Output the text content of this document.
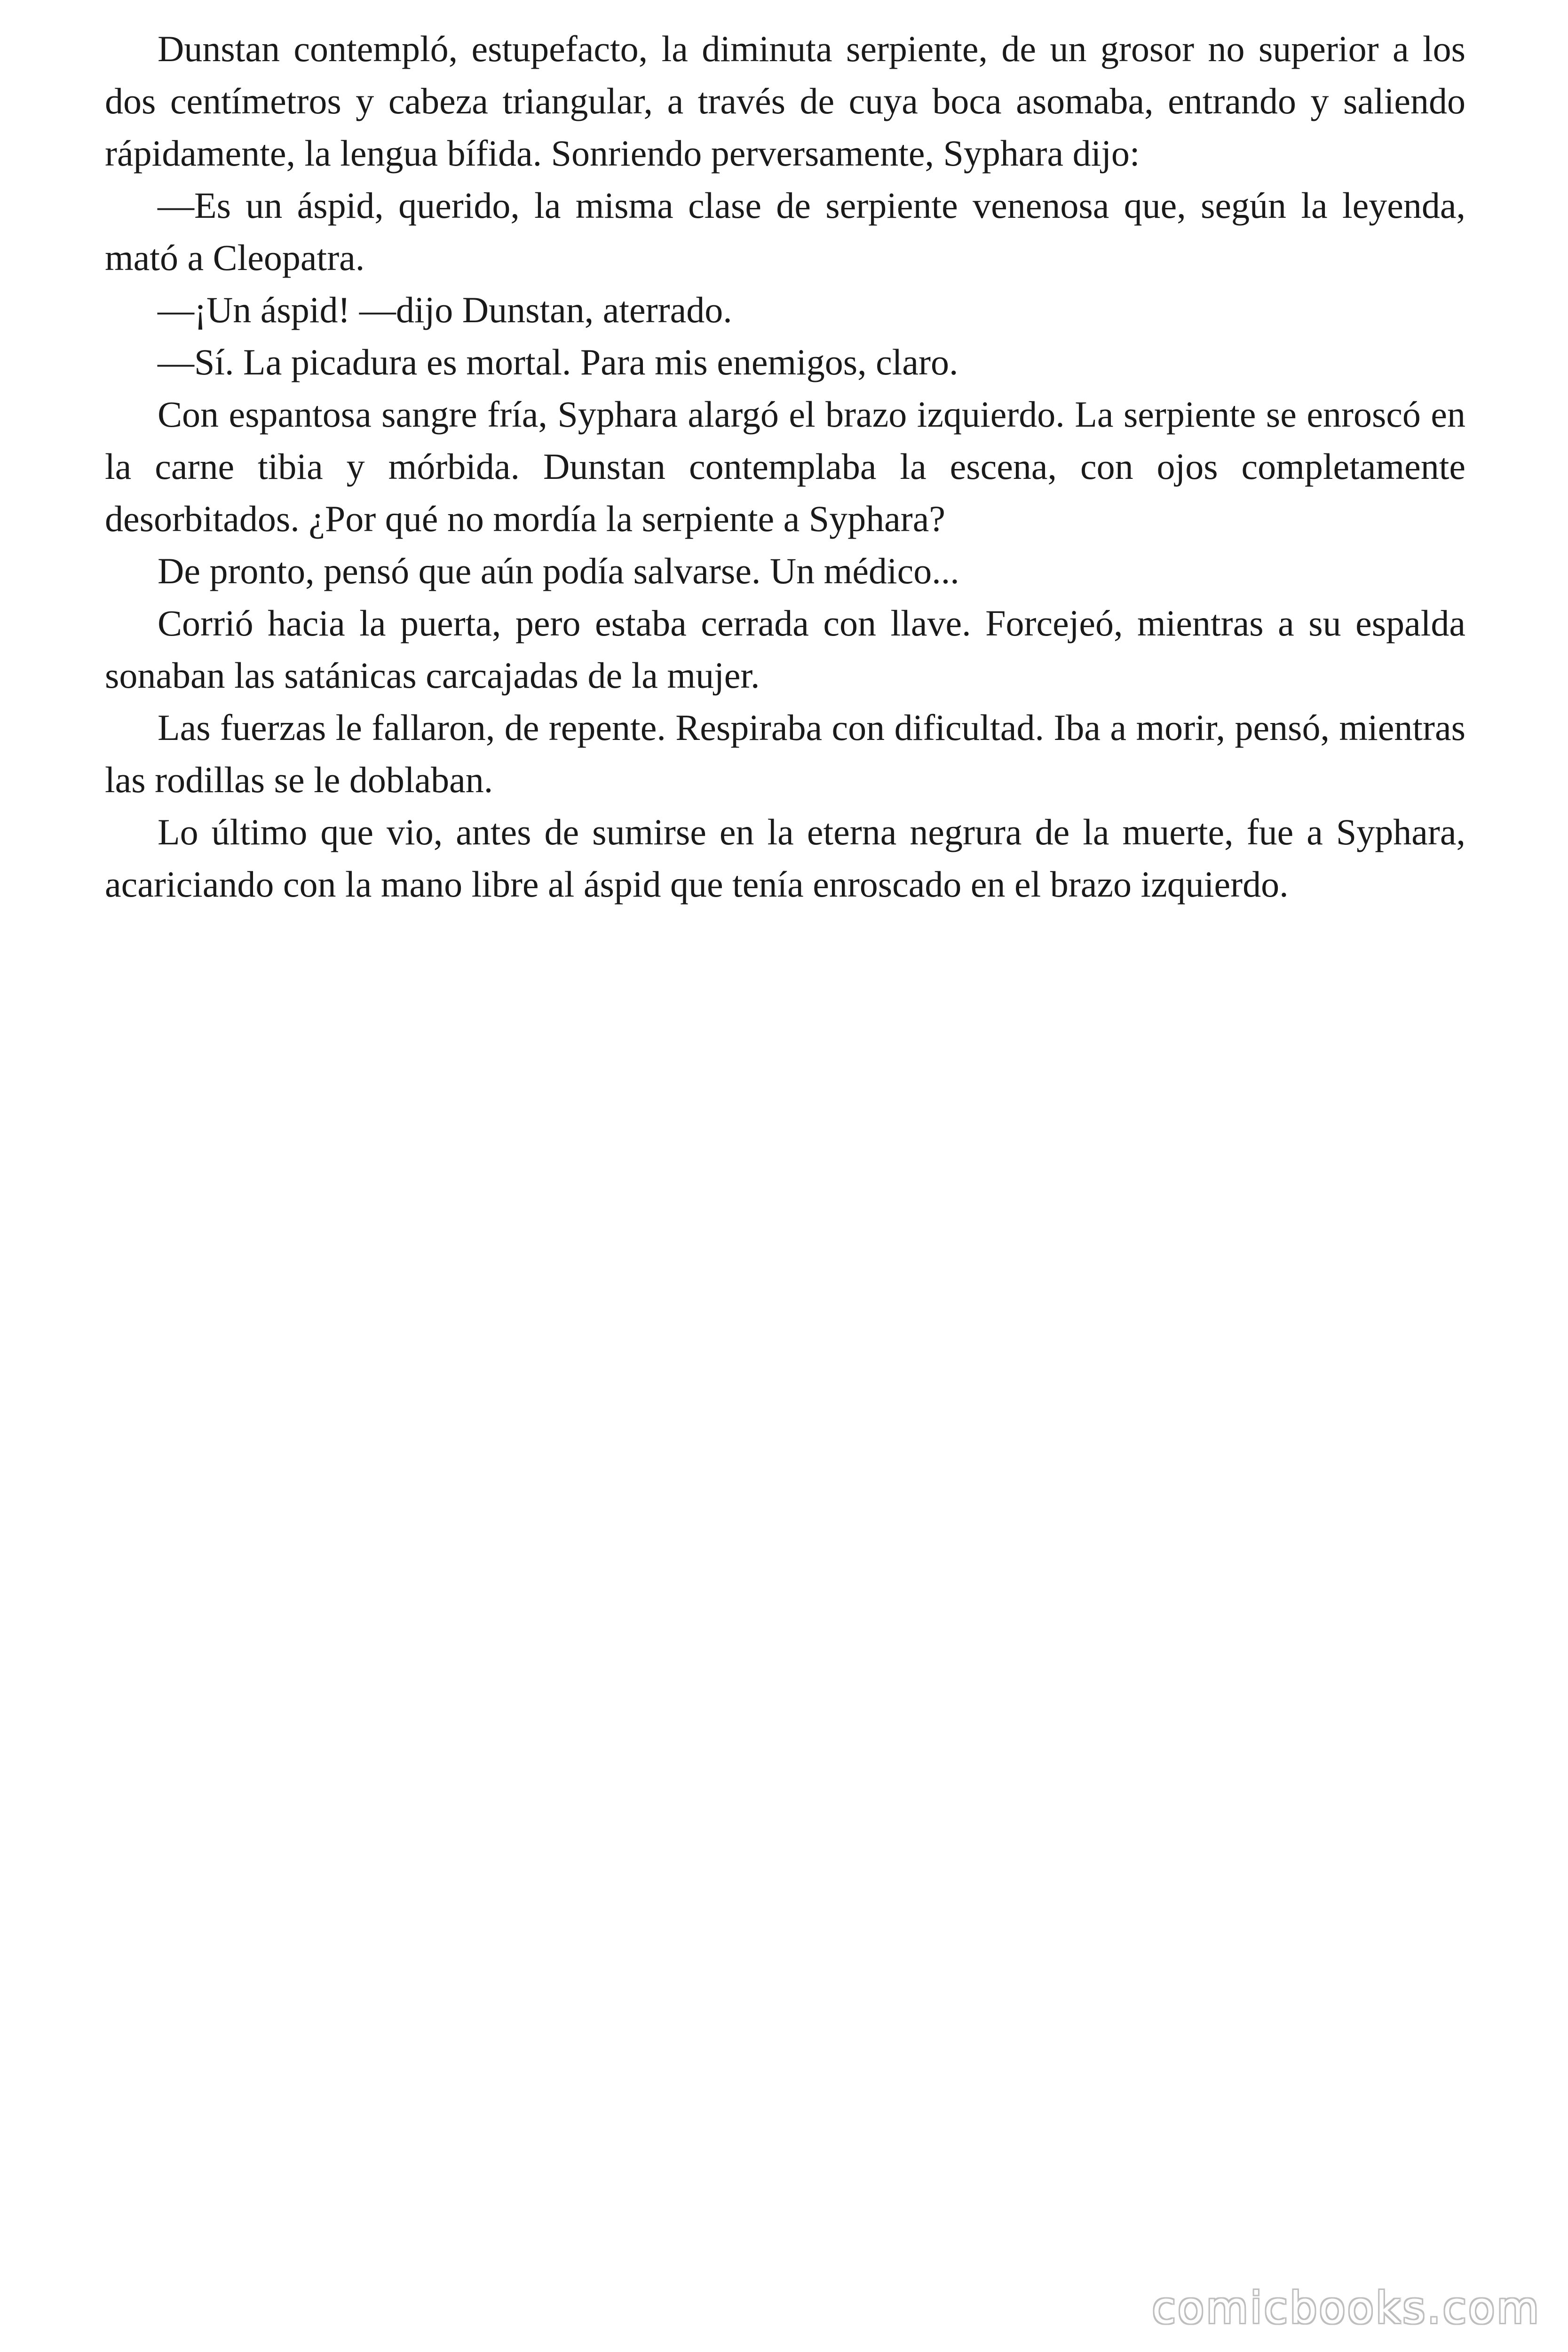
Dunstan contempló, estupefacto, la diminuta serpiente, de un grosor no superior a los dos centímetros y cabeza triangular, a través de cuya boca asomaba, entrando y saliendo rápidamente, la lengua bífida. Sonriendo perversamente, Syphara dijo:

—Es un áspid, querido, la misma clase de serpiente venenosa que, según la leyenda, mató a Cleopatra.

—¡Un áspid! —dijo Dunstan, aterrado.

—Sí. La picadura es mortal. Para mis enemigos, claro.

Con espantosa sangre fría, Syphara alargó el brazo izquierdo. La serpiente se enroscó en la carne tibia y mórbida. Dunstan contemplaba la escena, con ojos completamente desorbitados. ¿Por qué no mordía la serpiente a Syphara?

De pronto, pensó que aún podía salvarse. Un médico...

Corrió hacia la puerta, pero estaba cerrada con llave. Forcejeó, mientras a su espalda sonaban las satánicas carcajadas de la mujer.

Las fuerzas le fallaron, de repente. Respiraba con dificultad. Iba a morir, pensó, mientras las rodillas se le doblaban.

Lo último que vio, antes de sumirse en la eterna negrura de la muerte, fue a Syphara, acariciando con la mano libre al áspid que tenía enroscado en el brazo izquierdo.

comicbooks.com
